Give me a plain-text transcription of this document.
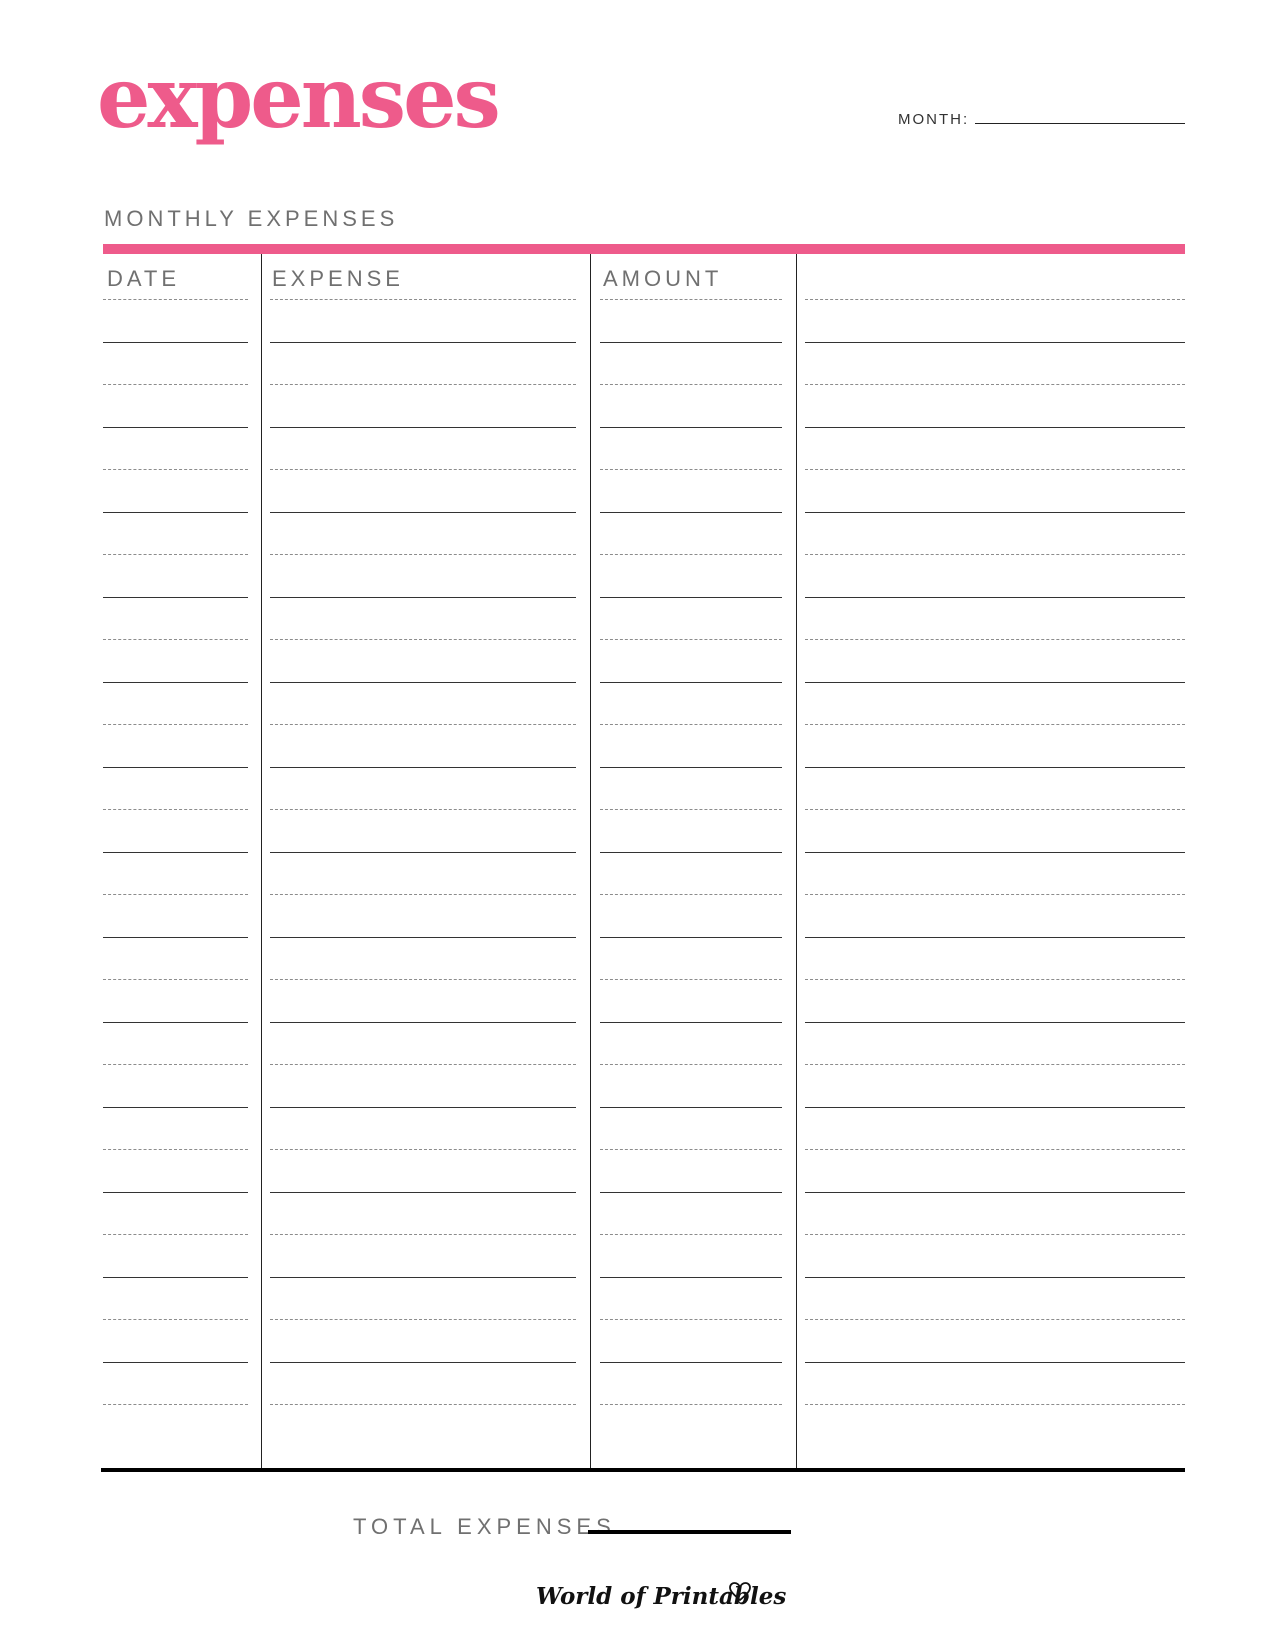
expenses	MONTH:
MONTHLY EXPENSES
DATE	EXPENSE	AMOUNT
TOTAL EXPENSES
World of Printables
